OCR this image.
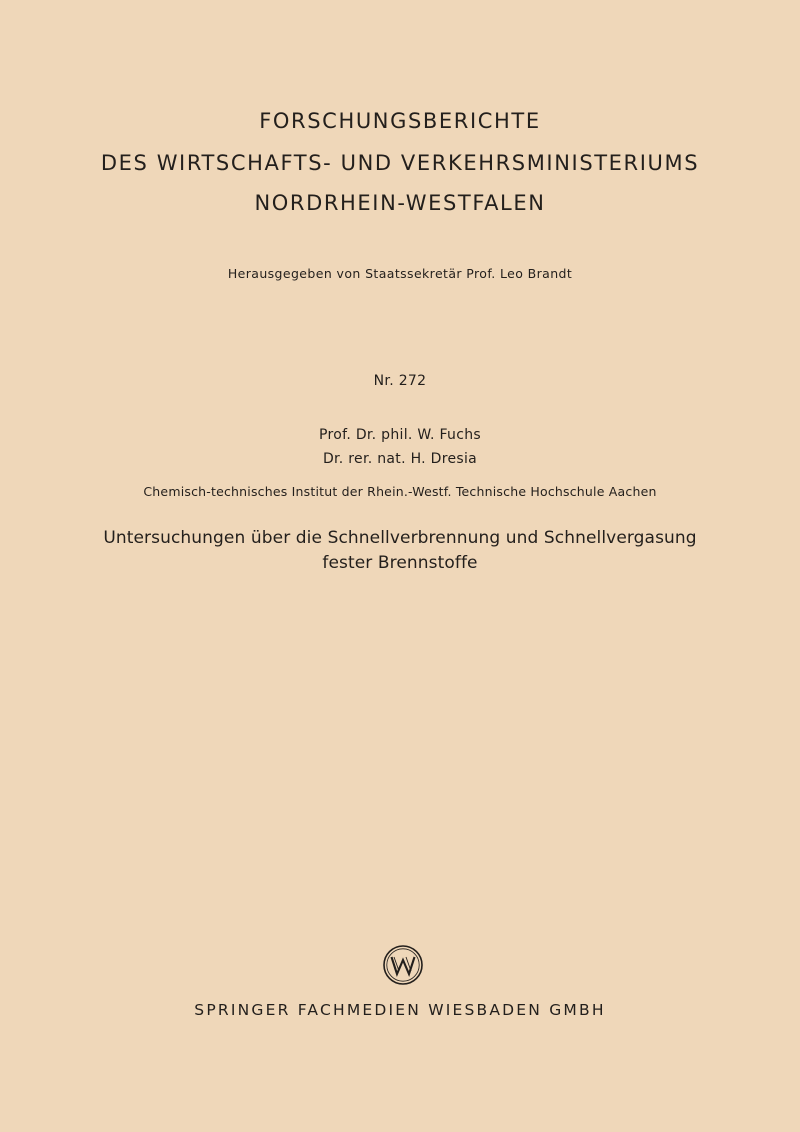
FORSCHUNGSBERICHTE
DES WIRTSCHAFTS- UND VERKEHRSMINISTERIUMS
NORDRHEIN-WESTFALEN
Herausgegeben von Staatssekretär Prof. Leo Brandt
Nr. 272
Prof. Dr. phil. W. Fuchs
Dr. rer. nat. H. Dresia
Chemisch-technisches Institut der Rhein.-Westf. Technische Hochschule Aachen
Untersuchungen über die Schnellverbrennung und Schnellvergasung
fester Brennstoffe
SPRINGER FACHMEDIEN WIESBADEN GMBH
